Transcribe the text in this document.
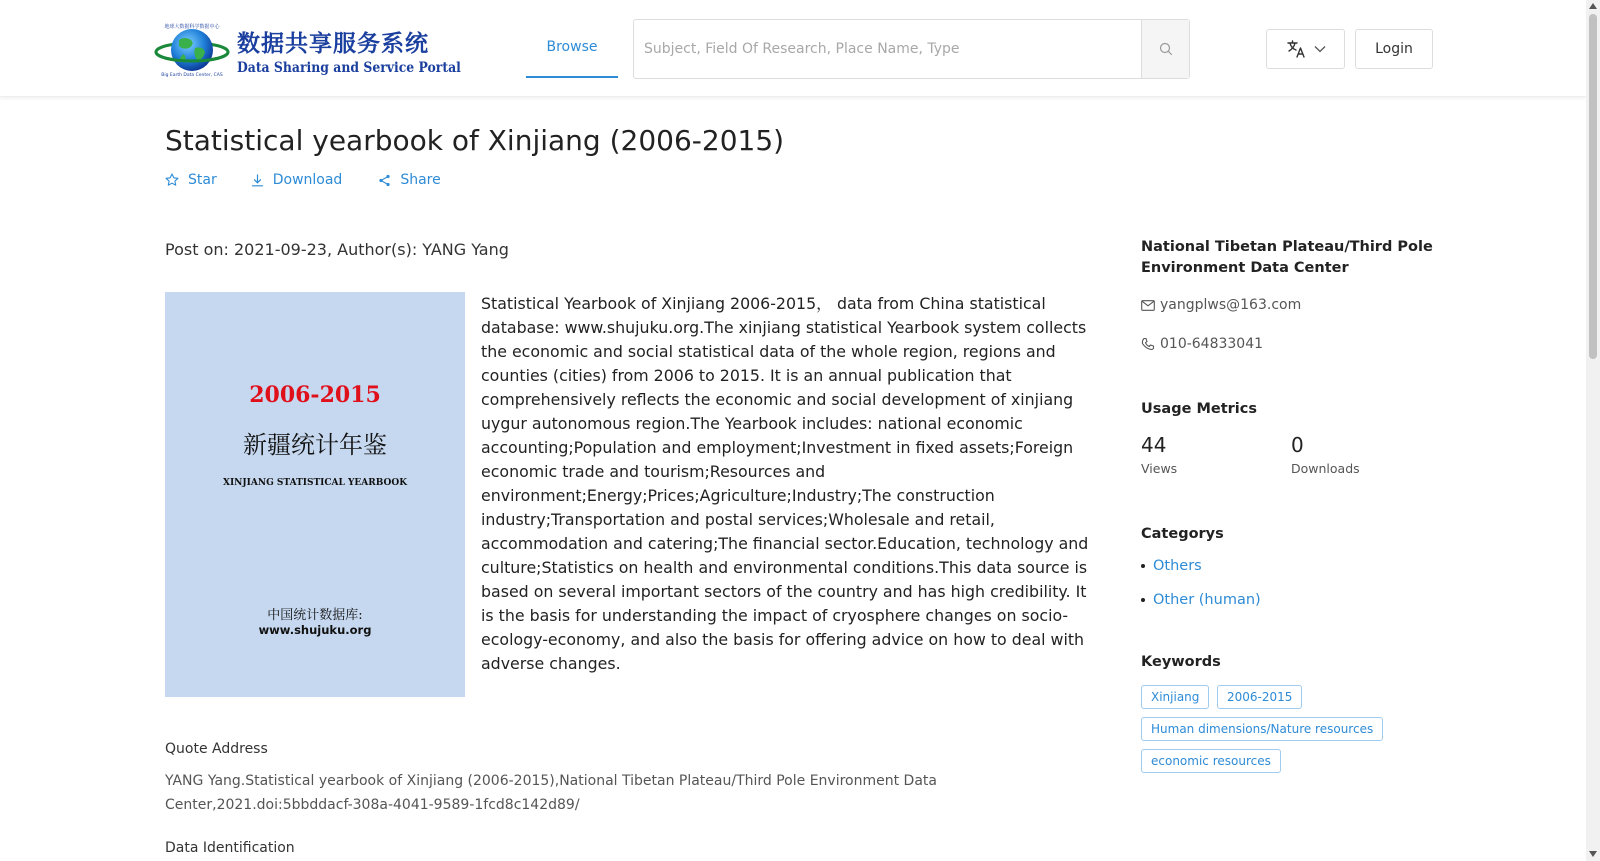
Big Earth Data Center, CAS
地球大数据科学数据中心
数据共享服务系统
Data Sharing and Service Portal
Browse
Subject, Field Of Research, Place Name, Type	Login
Statistical yearbook of Xinjiang (2006-2015)
Star	Download	Share
Post on: 2021-09-23, Author(s): YANG Yang
2006-2015
新疆统计年鉴
XINJIANG STATISTICAL YEARBOOK
中国统计数据库:
www.shujuku.org

Statistical Yearbook of Xinjiang 2006-2015， data from China statistical database: www.shujuku.org.The xinjiang statistical Yearbook system collects the economic and social statistical data of the whole region, regions and counties (cities) from 2006 to 2015. It is an annual publication that comprehensively reflects the economic and social development of xinjiang uygur autonomous region.The Yearbook includes: national economic accounting;Population and employment;Investment in fixed assets;Foreign economic trade and tourism;Resources and environment;Energy;Prices;Agriculture;Industry;The construction industry;Transportation and postal services;Wholesale and retail, accommodation and catering;The financial sector.Education, technology and culture;Statistics on health and environmental conditions.This data source is based on several important sectors of the country and has high credibility. It is the basis for understanding the impact of cryosphere changes on socio-ecology-economy, and also the basis for offering advice on how to deal with adverse changes.

Quote Address
YANG Yang.Statistical yearbook of Xinjiang (2006-2015),National Tibetan Plateau/Third Pole Environment Data Center,2021.doi:5bbddacf-308a-4041-9589-1fcd8c142d89/
Data Identification
National Tibetan Plateau/Third Pole Environment Data Center
yangplws@163.com
010-64833041
Usage Metrics
44
Views
0
Downloads
Categorys
Others
Other (human)
Keywords
Xinjiang	2006-2015
Human dimensions/Nature resources
economic resources
